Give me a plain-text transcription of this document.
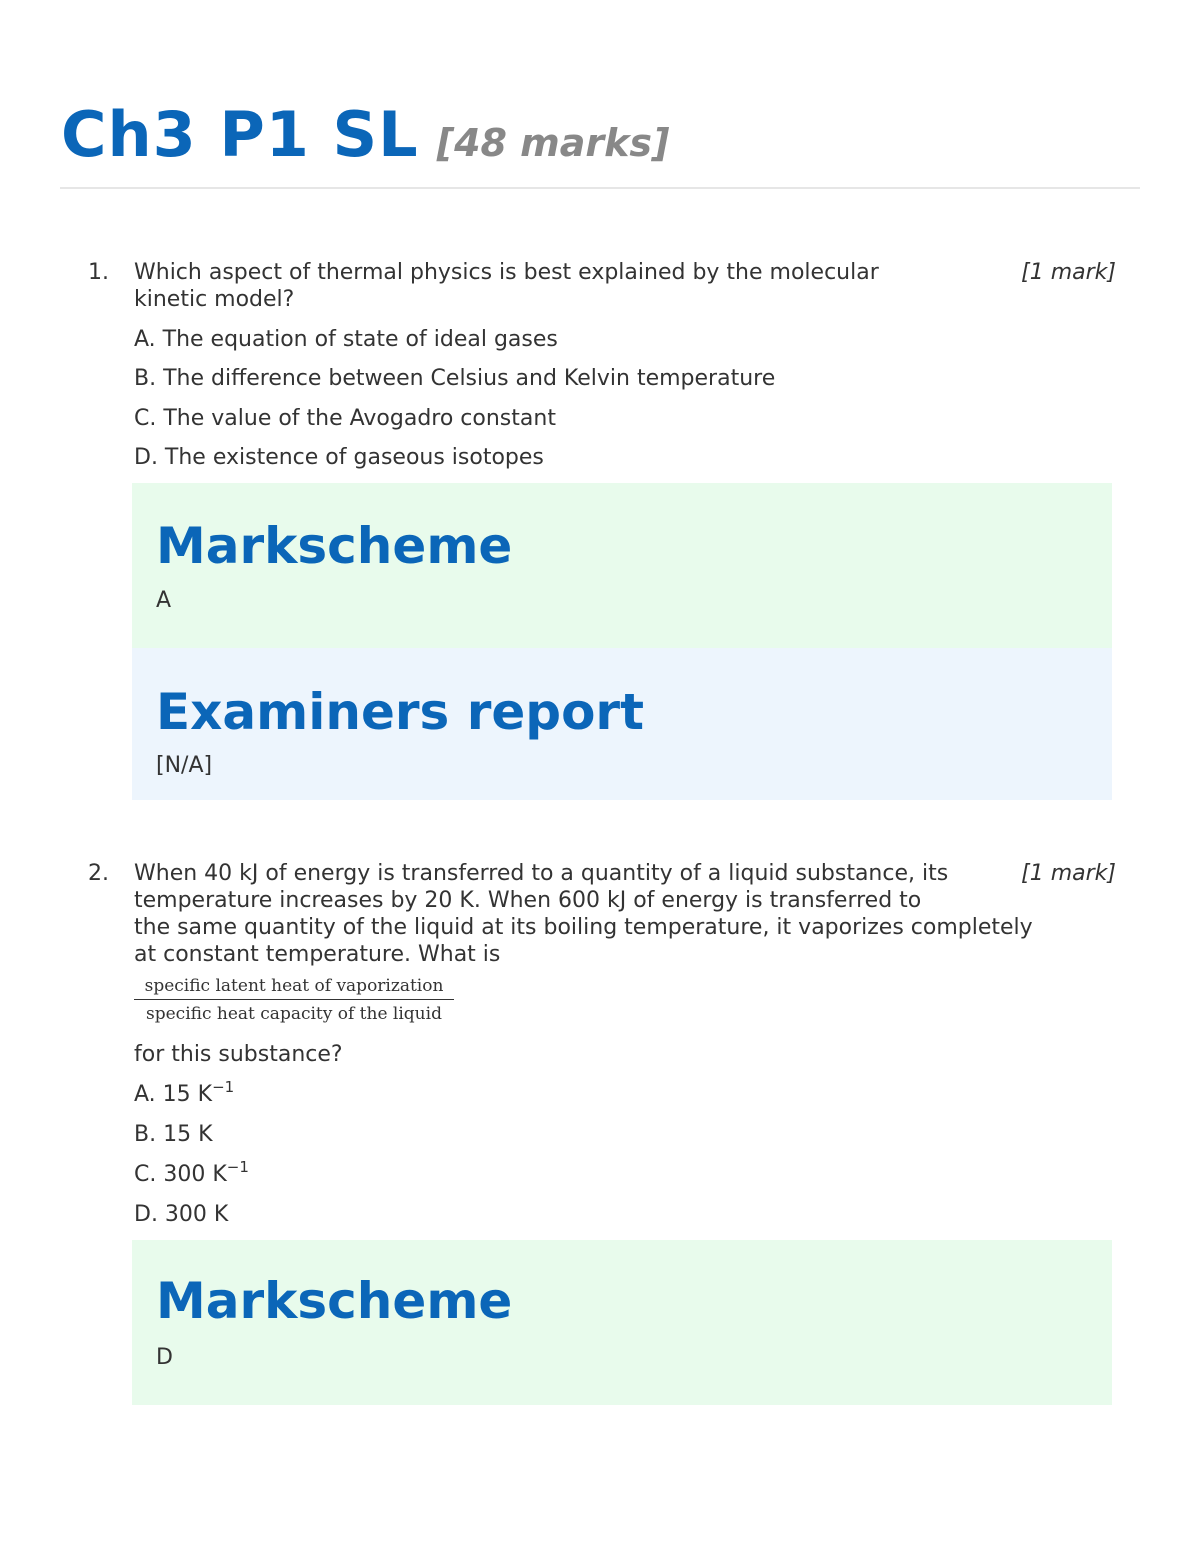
Ch3 P1 SL [48 marks]
1. Which aspect of thermal physics is best explained by the molecular
kinetic model?
[1 mark]
A. The equation of state of ideal gases
B. The difference between Celsius and Kelvin temperature
C. The value of the Avogadro constant
D. The existence of gaseous isotopes
Markscheme
A
Examiners report
[N/A]
2. When 40 kJ of energy is transferred to a quantity of a liquid substance, its
temperature increases by 20 K. When 600 kJ of energy is transferred to
the same quantity of the liquid at its boiling temperature, it vaporizes completely
at constant temperature. What is
[1 mark]
specific latent heat of vaporization
specific heat capacity of the liquid
for this substance?
A. 15 $K^{-1}$
B. 15 K
C. 300 $K^{-1}$
D. 300 K
Markscheme
D
